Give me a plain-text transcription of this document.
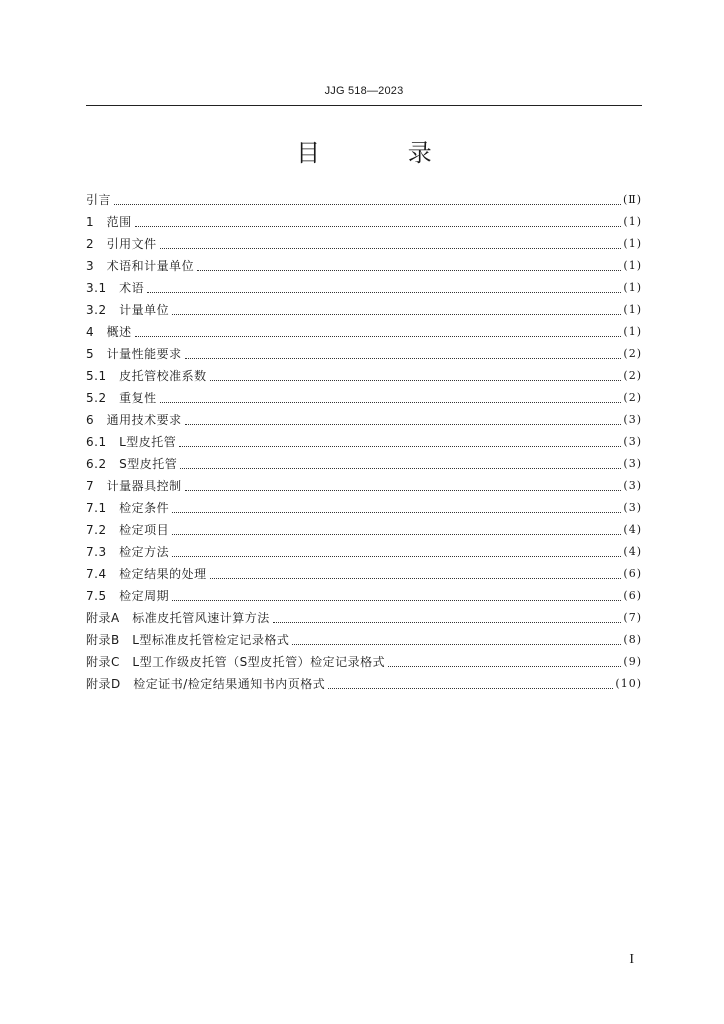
JJG 518—2023
目 录
引言	(Ⅱ)
1　范围	(1)
2　引用文件	(1)
3　术语和计量单位	(1)
3.1　术语	(1)
3.2　计量单位	(1)
4　概述	(1)
5　计量性能要求	(2)
5.1　皮托管校准系数	(2)
5.2　重复性	(2)
6　通用技术要求	(3)
6.1　L型皮托管	(3)
6.2　S型皮托管	(3)
7　计量器具控制	(3)
7.1　检定条件	(3)
7.2　检定项目	(4)
7.3　检定方法	(4)
7.4　检定结果的处理	(6)
7.5　检定周期	(6)
附录A　标准皮托管风速计算方法	(7)
附录B　L型标准皮托管检定记录格式	(8)
附录C　L型工作级皮托管（S型皮托管）检定记录格式	(9)
附录D　检定证书/检定结果通知书内页格式	(10)
I
